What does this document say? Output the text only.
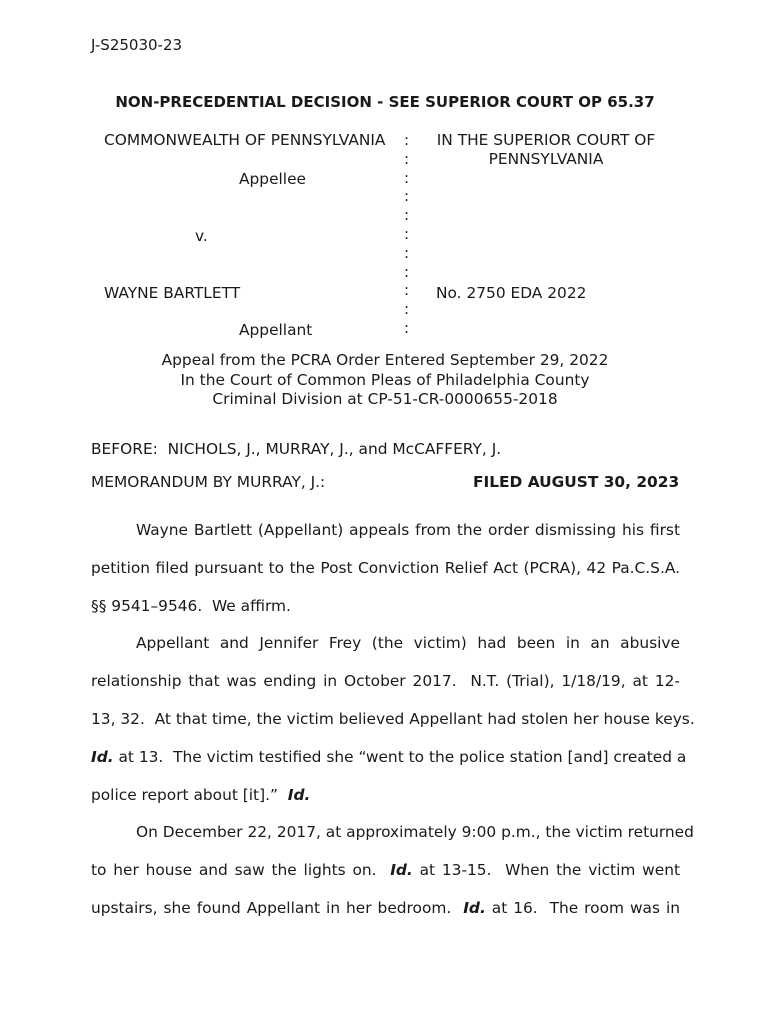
J-S25030-23
NON-PRECEDENTIAL DECISION - SEE SUPERIOR COURT OP 65.37
COMMONWEALTH OF PENNSYLVANIA
Appellee
v.
WAYNE BARTLETT
Appellant
:
:
:
:
:
:
:
:
:
:
:
IN THE SUPERIOR COURT OF
PENNSYLVANIA
No. 2750 EDA 2022
Appeal from the PCRA Order Entered September 29, 2022
In the Court of Common Pleas of Philadelphia County
Criminal Division at CP-51-CR-0000655-2018
BEFORE:  NICHOLS, J., MURRAY, J., and McCAFFERY, J.
MEMORANDUM BY MURRAY, J.:	FILED AUGUST 30, 2023
Wayne Bartlett (Appellant) appeals from the order dismissing his first
petition filed pursuant to the Post Conviction Relief Act (PCRA), 42 Pa.C.S.A.
§§ 9541–9546.  We affirm.
Appellant and Jennifer Frey (the victim) had been in an abusive
relationship that was ending in October 2017.  N.T. (Trial), 1/18/19, at 12-
13, 32.  At that time, the victim believed Appellant had stolen her house keys.
Id. at 13.  The victim testified she “went to the police station [and] created a
police report about [it].”  Id.
On December 22, 2017, at approximately 9:00 p.m., the victim returned
to her house and saw the lights on.  Id. at 13-15.  When the victim went
upstairs, she found Appellant in her bedroom.  Id. at 16.  The room was in
